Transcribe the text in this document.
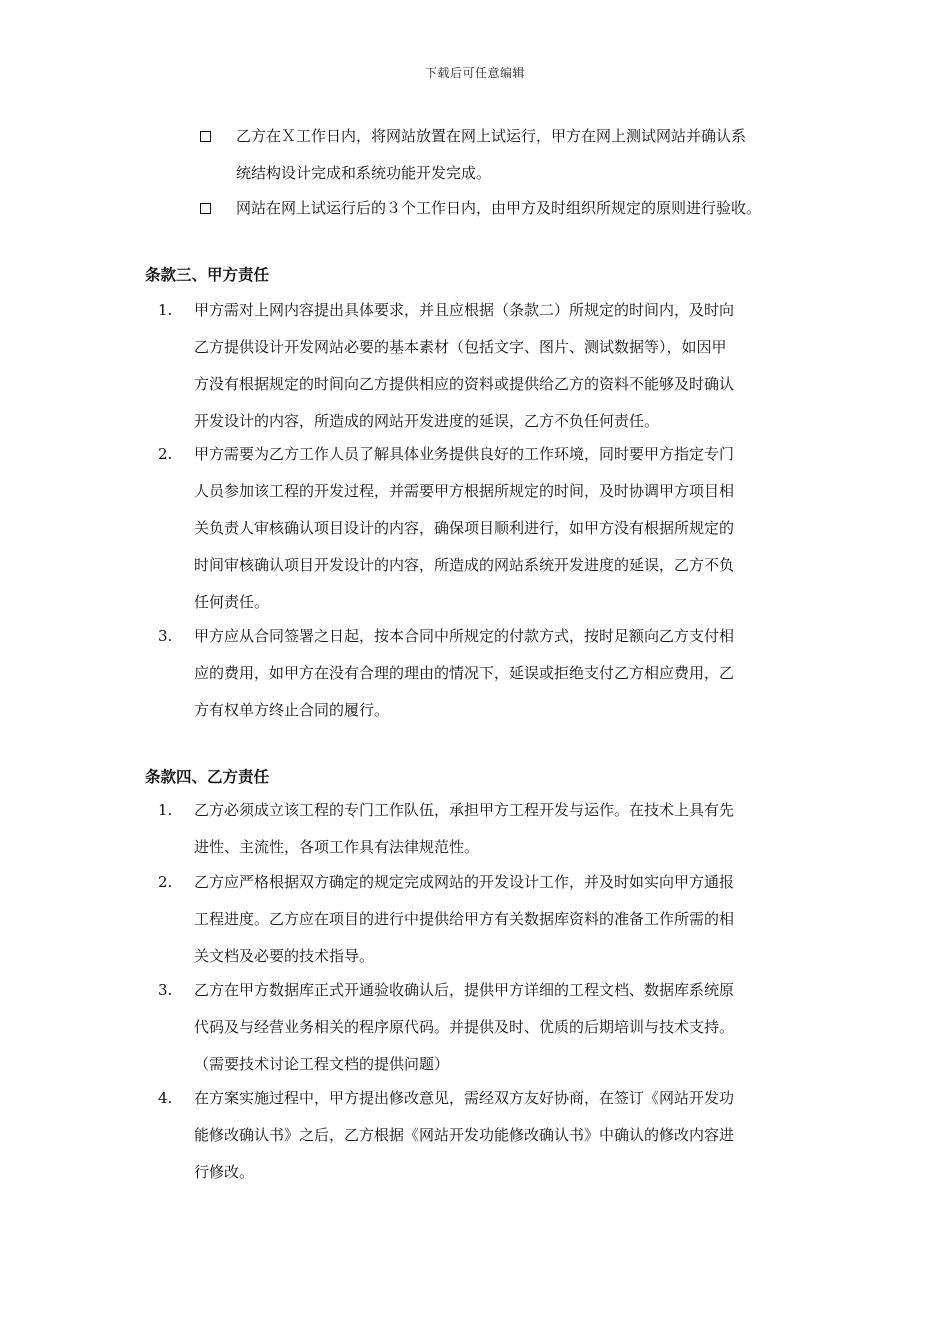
下载后可任意编辑
乙方在Ｘ工作日内，将网站放置在网上试运行，甲方在网上测试网站并确认系
统结构设计完成和系统功能开发完成。
网站在网上试运行后的３个工作日内，由甲方及时组织所规定的原则进行验收。
条款三、甲方责任
1.	甲方需对上网内容提出具体要求，并且应根据（条款二）所规定的时间内，及时向
乙方提供设计开发网站必要的基本素材（包括文字、图片、测试数据等），如因甲
方没有根据规定的时间向乙方提供相应的资料或提供给乙方的资料不能够及时确认
开发设计的内容，所造成的网站开发进度的延误，乙方不负任何责任。
2.	甲方需要为乙方工作人员了解具体业务提供良好的工作环境，同时要甲方指定专门
人员参加该工程的开发过程，并需要甲方根据所规定的时间，及时协调甲方项目相
关负责人审核确认项目设计的内容，确保项目顺利进行，如甲方没有根据所规定的
时间审核确认项目开发设计的内容，所造成的网站系统开发进度的延误，乙方不负
任何责任。
3.	甲方应从合同签署之日起，按本合同中所规定的付款方式，按时足额向乙方支付相
应的费用，如甲方在没有合理的理由的情况下，延误或拒绝支付乙方相应费用，乙
方有权单方终止合同的履行。
条款四、乙方责任
1.	乙方必须成立该工程的专门工作队伍，承担甲方工程开发与运作。在技术上具有先
进性、主流性，各项工作具有法律规范性。
2.	乙方应严格根据双方确定的规定完成网站的开发设计工作，并及时如实向甲方通报
工程进度。乙方应在项目的进行中提供给甲方有关数据库资料的准备工作所需的相
关文档及必要的技术指导。
3.	乙方在甲方数据库正式开通验收确认后，提供甲方详细的工程文档、数据库系统原
代码及与经营业务相关的程序原代码。并提供及时、优质的后期培训与技术支持。
（需要技术讨论工程文档的提供问题）
4.	在方案实施过程中，甲方提出修改意见，需经双方友好协商，在签订《网站开发功
能修改确认书》之后，乙方根据《网站开发功能修改确认书》中确认的修改内容进
行修改。
